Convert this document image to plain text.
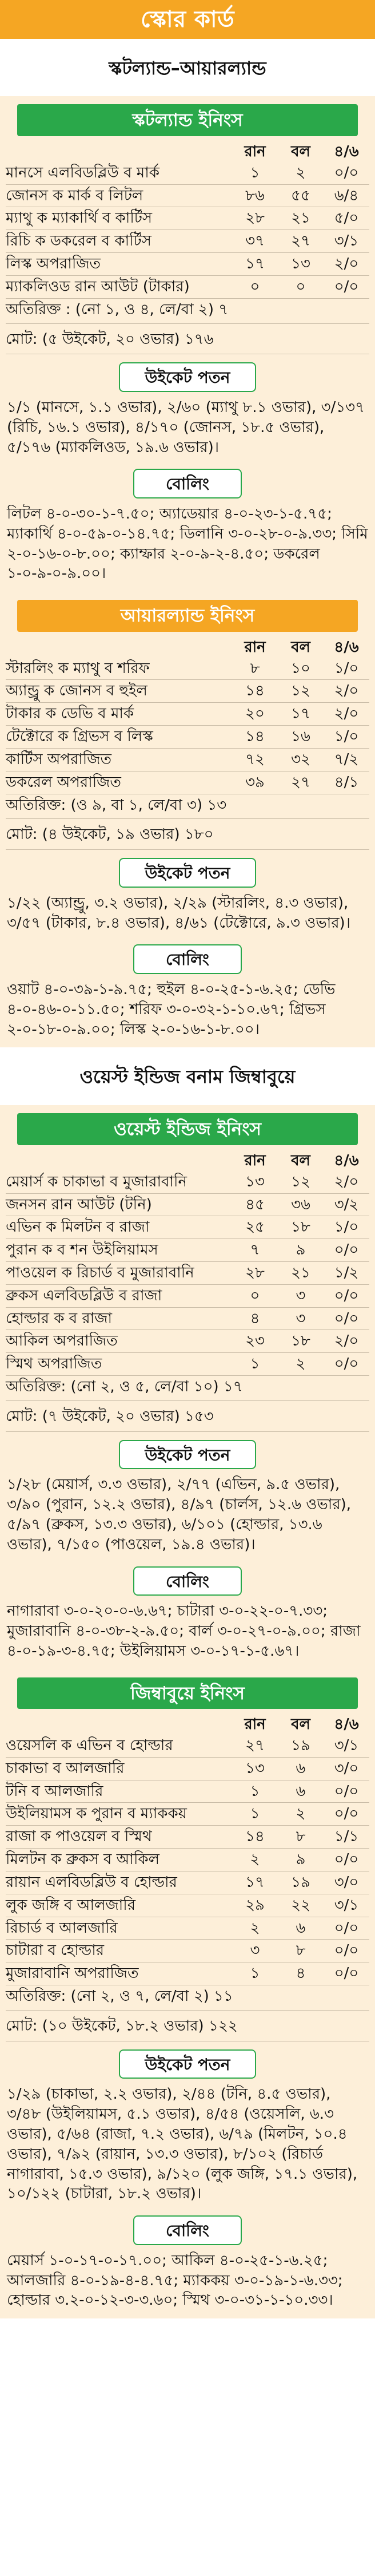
স্কোর কার্ড
স্কটল্যান্ড–আয়ারল্যান্ড
স্কটল্যান্ড ইনিংস
রান	বল	৪/৬
মানসে এলবিডব্লিউ ব মার্ক	১	২	০/০
জোনস ক মার্ক ব লিটল	৮৬	৫৫	৬/৪
ম্যাথু ক ম্যাকার্থি ব কার্টিস	২৮	২১	৫/০
রিচি ক ডকরেল ব কার্টিস	৩৭	২৭	৩/১
লিস্ক অপরাজিত	১৭	১৩	২/০
ম্যাকলিওড রান আউট (টাকার)	০	০	০/০
অতিরিক্ত : (নো ১, ও ৪, লে/বা ২) ৭
মোট: (৫ উইকেট, ২০ ওভার) ১৭৬
উইকেট পতন
১/১ (মানসে, ১.১ ওভার), ২/৬০ (ম্যাথু ৮.১ ওভার), ৩/১৩৭ (রিচি, ১৬.১ ওভার), ৪/১৭০ (জোনস, ১৮.৫ ওভার), ৫/১৭৬ (ম্যাকলিওড, ১৯.৬ ওভার)।
বোলিং
লিটল ৪-০-৩০-১-৭.৫০; অ্যাডেয়ার ৪-০-২৩-১-৫.৭৫; ম্যাকার্থি ৪-০-৫৯-০-১৪.৭৫; ডিলানি ৩-০-২৮-০-৯.৩৩; সিমি ২-০-১৬-০-৮.০০; ক্যাম্ফার ২-০-৯-২-৪.৫০; ডকরেল ১-০-৯-০-৯.০০।
আয়ারল্যান্ড ইনিংস
রান	বল	৪/৬
স্টারলিং ক ম্যাথু ব শরিফ	৮	১০	১/০
অ্যান্ড্রু ক জোনস ব হুইল	১৪	১২	২/০
টাকার ক ডেভি ব মার্ক	২০	১৭	২/০
টেক্টোরে ক গ্রিভস ব লিস্ক	১৪	১৬	১/০
কার্টিস অপরাজিত	৭২	৩২	৭/২
ডকরেল অপরাজিত	৩৯	২৭	৪/১
অতিরিক্ত: (ও ৯, বা ১, লে/বা ৩) ১৩
মোট: (৪ উইকেট, ১৯ ওভার) ১৮০
উইকেট পতন
১/২২ (অ্যান্ড্রু, ৩.২ ওভার), ২/২৯ (স্টারলিং, ৪.৩ ওভার), ৩/৫৭ (টাকার, ৮.৪ ওভার), ৪/৬১ (টেক্টোরে, ৯.৩ ওভার)।
বোলিং
ওয়াট ৪-০-৩৯-১-৯.৭৫; হুইল ৪-০-২৫-১-৬.২৫; ডেভি ৪-০-৪৬-০-১১.৫০; শরিফ ৩-০-৩২-১-১০.৬৭; গ্রিভস ২-০-১৮-০-৯.০০; লিস্ক ২-০-১৬-১-৮.০০।
ওয়েস্ট ইন্ডিজ বনাম জিম্বাবুয়ে
ওয়েস্ট ইন্ডিজ ইনিংস
রান	বল	৪/৬
মেয়ার্স ক চাকাভা ব মুজারাবানি	১৩	১২	২/০
জনসন রান আউট (টনি)	৪৫	৩৬	৩/২
এভিন ক মিলটন ব রাজা	২৫	১৮	১/০
পুরান ক ব শন উইলিয়ামস	৭	৯	০/০
পাওয়েল ক রিচার্ড ব মুজারাবানি	২৮	২১	১/২
ব্রুকস এলবিডব্লিউ ব রাজা	০	৩	০/০
হোল্ডার ক ব রাজা	৪	৩	০/০
আকিল অপরাজিত	২৩	১৮	২/০
স্মিথ অপরাজিত	১	২	০/০
অতিরিক্ত: (নো ২, ও ৫, লে/বা ১০) ১৭
মোট: (৭ উইকেট, ২০ ওভার) ১৫৩
উইকেট পতন
১/২৮ (মেয়ার্স, ৩.৩ ওভার), ২/৭৭ (এভিন, ৯.৫ ওভার), ৩/৯০ (পুরান, ১২.২ ওভার), ৪/৯৭ (চার্লস, ১২.৬ ওভার), ৫/৯৭ (ব্রুকস, ১৩.৩ ওভার), ৬/১০১ (হোল্ডার, ১৩.৬ ওভার), ৭/১৫০ (পাওয়েল, ১৯.৪ ওভার)।
বোলিং
নাগারাবা ৩-০-২০-০-৬.৬৭; চাটারা ৩-০-২২-০-৭.৩৩; মুজারাবানি ৪-০-৩৮-২-৯.৫০; বার্ল ৩-০-২৭-০-৯.০০; রাজা ৪-০-১৯-৩-৪.৭৫; উইলিয়ামস ৩-০-১৭-১-৫.৬৭।
জিম্বাবুয়ে ইনিংস
রান	বল	৪/৬
ওয়েসলি ক এভিন ব হোল্ডার	২৭	১৯	৩/১
চাকাভা ব আলজারি	১৩	৬	৩/০
টনি ব আলজারি	১	৬	০/০
উইলিয়ামস ক পুরান ব ম্যাককয়	১	২	০/০
রাজা ক পাওয়েল ব স্মিথ	১৪	৮	১/১
মিলটন ক ব্রুকস ব আকিল	২	৯	০/০
রায়ান এলবিডব্লিউ ব হোল্ডার	১৭	১৯	৩/০
লুক জঙ্গি ব আলজারি	২৯	২২	৩/১
রিচার্ড ব আলজারি	২	৬	০/০
চাটারা ব হোল্ডার	৩	৮	০/০
মুজারাবানি অপরাজিত	১	৪	০/০
অতিরিক্ত: (নো ২, ও ৭, লে/বা ২) ১১
মোট: (১০ উইকেট, ১৮.২ ওভার) ১২২
উইকেট পতন
১/২৯ (চাকাভা, ২.২ ওভার), ২/৪৪ (টনি, ৪.৫ ওভার), ৩/৪৮ (উইলিয়ামস, ৫.১ ওভার), ৪/৫৪ (ওয়েসলি, ৬.৩ ওভার), ৫/৬৪ (রাজা, ৭.২ ওভার), ৬/৭৯ (মিলটন, ১০.৪ ওভার), ৭/৯২ (রায়ান, ১৩.৩ ওভার), ৮/১০২ (রিচার্ড নাগারাবা, ১৫.৩ ওভার), ৯/১২০ (লুক জঙ্গি, ১৭.১ ওভার), ১০/১২২ (চাটারা, ১৮.২ ওভার)।
বোলিং
মেয়ার্স ১-০-১৭-০-১৭.০০; আকিল ৪-০-২৫-১-৬.২৫; আলজারি ৪-০-১৯-৪-৪.৭৫; ম্যাককয় ৩-০-১৯-১-৬.৩৩; হোল্ডার ৩.২-০-১২-৩-৩.৬০; স্মিথ ৩-০-৩১-১-১০.৩৩।
